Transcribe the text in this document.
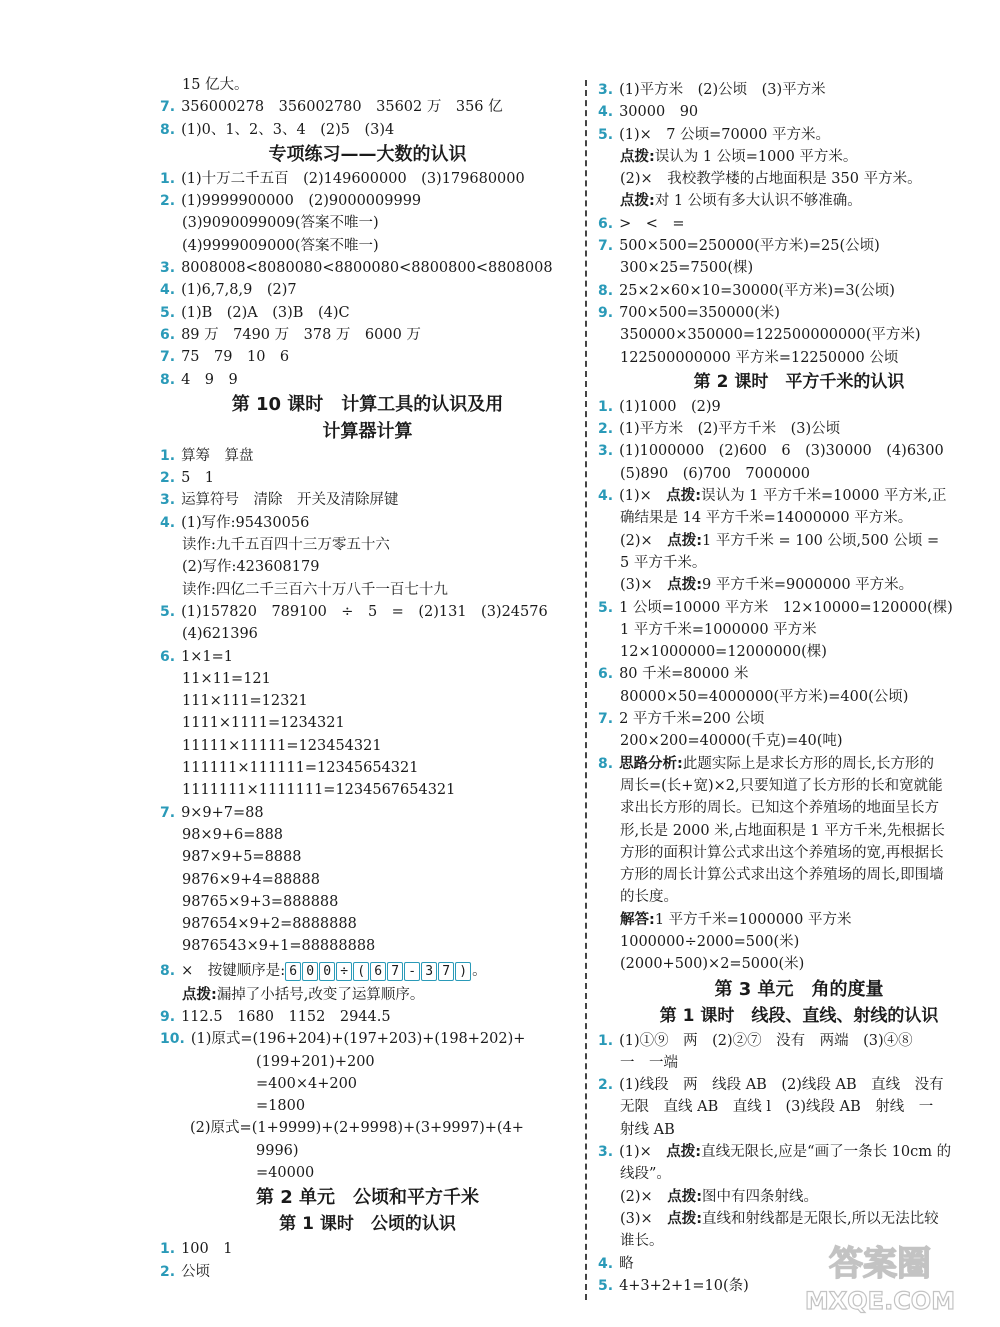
15 亿大。
7. 356000278　356002780　35602 万　356 亿
8. (1)0、1、2、3、4　(2)5　(3)4
专项练习——大数的认识
1. (1)十万二千五百　(2)149600000　(3)179680000
2. (1)9999900000　(2)9000009999
(3)9090099009(答案不唯一)
(4)9999009000(答案不唯一)
3. 8008008<8080080<8800080<8800800<8808008
4. (1)6,7,8,9　(2)7
5. (1)B　(2)A　(3)B　(4)C
6. 89 万　7490 万　378 万　6000 万
7. 75　79　10　6
8. 4　9　9
第 10 课时　计算工具的认识及用
计算器计算
1. 算筹　算盘
2. 5　1
3. 运算符号　清除　开关及清除屏键
4. (1)写作:95430056
读作:九千五百四十三万零五十六
(2)写作:423608179
读作:四亿二千三百六十万八千一百七十九
5. (1)157820　789100　÷　5　=　(2)131　(3)24576
(4)621396
6. 1×1=1
11×11=121
111×111=12321
1111×1111=1234321
11111×11111=123454321
111111×111111=12345654321
1111111×1111111=1234567654321
7. 9×9+7=88
98×9+6=888
987×9+5=8888
9876×9+4=88888
98765×9+3=888888
987654×9+2=8888888
9876543×9+1=88888888
8. ×　按键顺序是: 6 0 0 ÷ ( 6 7 - 3 7 ) 。
点拨:漏掉了小括号,改变了运算顺序。
9. 112.5　1680　1152　2944.5
10. (1)原式=(196+204)+(197+203)+(198+202)+
(199+201)+200
=400×4+200
=1800
(2)原式=(1+9999)+(2+9998)+(3+9997)+(4+
9996)
=40000
第 2 单元　公顷和平方千米
第 1 课时　公顷的认识
1. 100　1
2. 公顷
3. (1)平方米　(2)公顷　(3)平方米
4. 30000　90
5. (1)×　7 公顷=70000 平方米。
点拨:误认为 1 公顷=1000 平方米。
(2)×　我校教学楼的占地面积是 350 平方米。
点拨:对 1 公顷有多大认识不够准确。
6. >　<　=
7. 500×500=250000(平方米)=25(公顷)
300×25=7500(棵)
8. 25×2×60×10=30000(平方米)=3(公顷)
9. 700×500=350000(米)
350000×350000=122500000000(平方米)
122500000000 平方米=12250000 公顷
第 2 课时　平方千米的认识
1. (1)1000　(2)9
2. (1)平方米　(2)平方千米　(3)公顷
3. (1)1000000　(2)600　6　(3)30000　(4)6300
(5)890　(6)700　7000000
4. (1)×　点拨:误认为 1 平方千米=10000 平方米,正
确结果是 14 平方千米=14000000 平方米。
(2)×　点拨:1 平方千米 = 100 公顷,500 公顷 =
5 平方千米。
(3)×　点拨:9 平方千米=9000000 平方米。
5. 1 公顷=10000 平方米　12×10000=120000(棵)
1 平方千米=1000000 平方米
12×1000000=12000000(棵)
6. 80 千米=80000 米
80000×50=4000000(平方米)=400(公顷)
7. 2 平方千米=200 公顷
200×200=40000(千克)=40(吨)
8. 思路分析:此题实际上是求长方形的周长,长方形的
周长=(长+宽)×2,只要知道了长方形的长和宽就能
求出长方形的周长。已知这个养殖场的地面呈长方
形,长是 2000 米,占地面积是 1 平方千米,先根据长
方形的面积计算公式求出这个养殖场的宽,再根据长
方形的周长计算公式求出这个养殖场的周长,即围墙
的长度。
解答:1 平方千米=1000000 平方米
1000000÷2000=500(米)
(2000+500)×2=5000(米)
第 3 单元　角的度量
第 1 课时　线段、直线、射线的认识
1. (1)①⑨　两　(2)②⑦　没有　两端　(3)④⑧
一　一端
2. (1)线段　两　线段 AB　(2)线段 AB　直线　没有
无限　直线 AB　直线 l　(3)线段 AB　射线　一
射线 AB
3. (1)×　点拨:直线无限长,应是“画了一条长 10cm 的
线段”。
(2)×　点拨:图中有四条射线。
(3)×　点拨:直线和射线都是无限长,所以无法比较
谁长。
4. 略
5. 4+3+2+1=10(条)
答案圈
MXQE.COM
